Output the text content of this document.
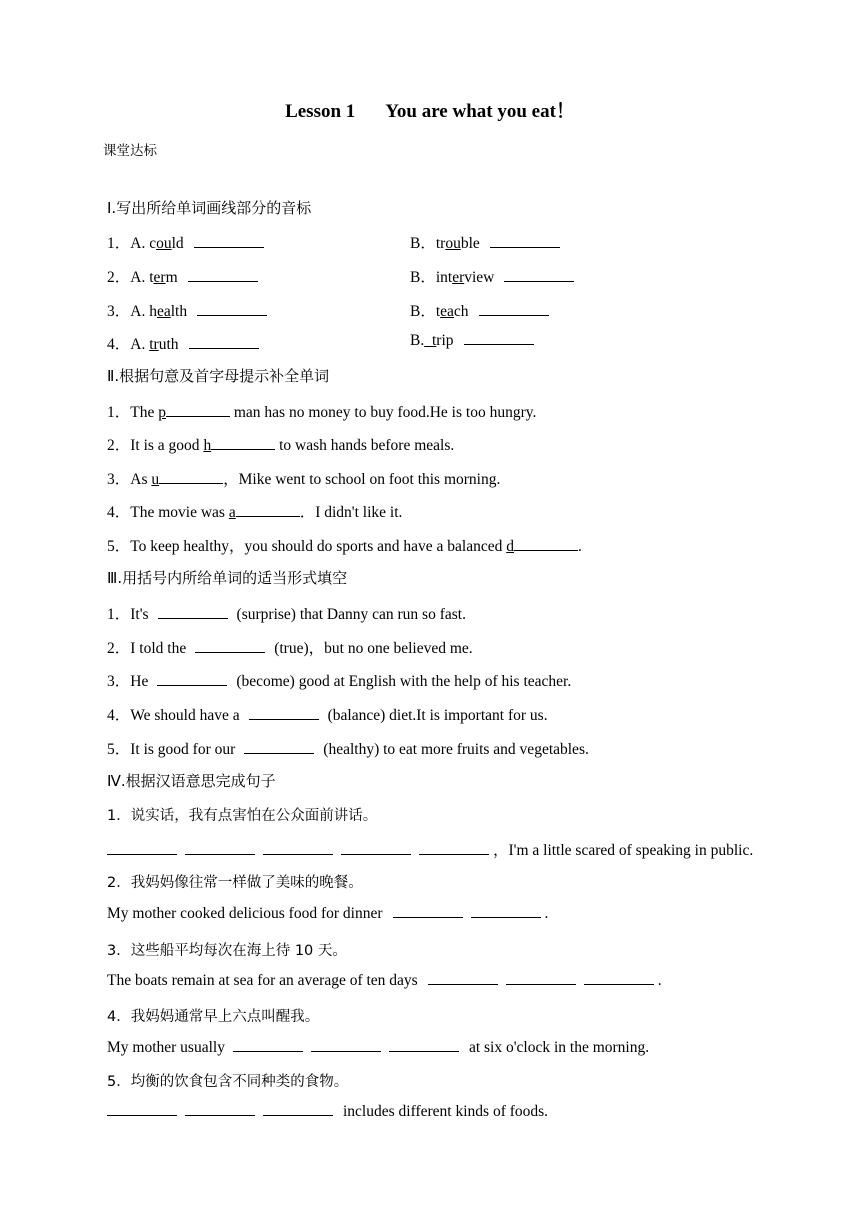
Lesson 1 You are what you eat！
课堂达标
Ⅰ.写出所给单词画线部分的音标
1．A. could	B．trouble
2．A. term	B．interview
3．A. health	B．teach
4．A. truth	B.  trip
Ⅱ.根据句意及首字母提示补全单词
1．The p	man has no money to buy food.He is too hungry.
2．It is a good h	to wash hands before meals.
3．As u	，Mike went to school on foot this morning.
4．The movie was a	．I didn't like it.
5．To keep healthy，you should do sports and have a balanced d	.
Ⅲ.用括号内所给单词的适当形式填空
1．It's	(surprise) that Danny can run so fast.
2．I told the	(true)，but no one believed me.
3．He	(become) good at English with the help of his teacher.
4．We should have a	(balance) diet.It is important for us.
5．It is good for our	(healthy) to eat more fruits and vegetables.
Ⅳ.根据汉语意思完成句子
1．说实话，我有点害怕在公众面前讲话。
，I'm a little scared of speaking in public.
2．我妈妈像往常一样做了美味的晚餐。
My mother cooked delicious food for dinner	.
3．这些船平均每次在海上待 10 天。
The boats remain at sea for an average of ten days	.
4．我妈妈通常早上六点叫醒我。
My mother usually	at six o'clock in the morning.
5．均衡的饮食包含不同种类的食物。
includes different kinds of foods.
